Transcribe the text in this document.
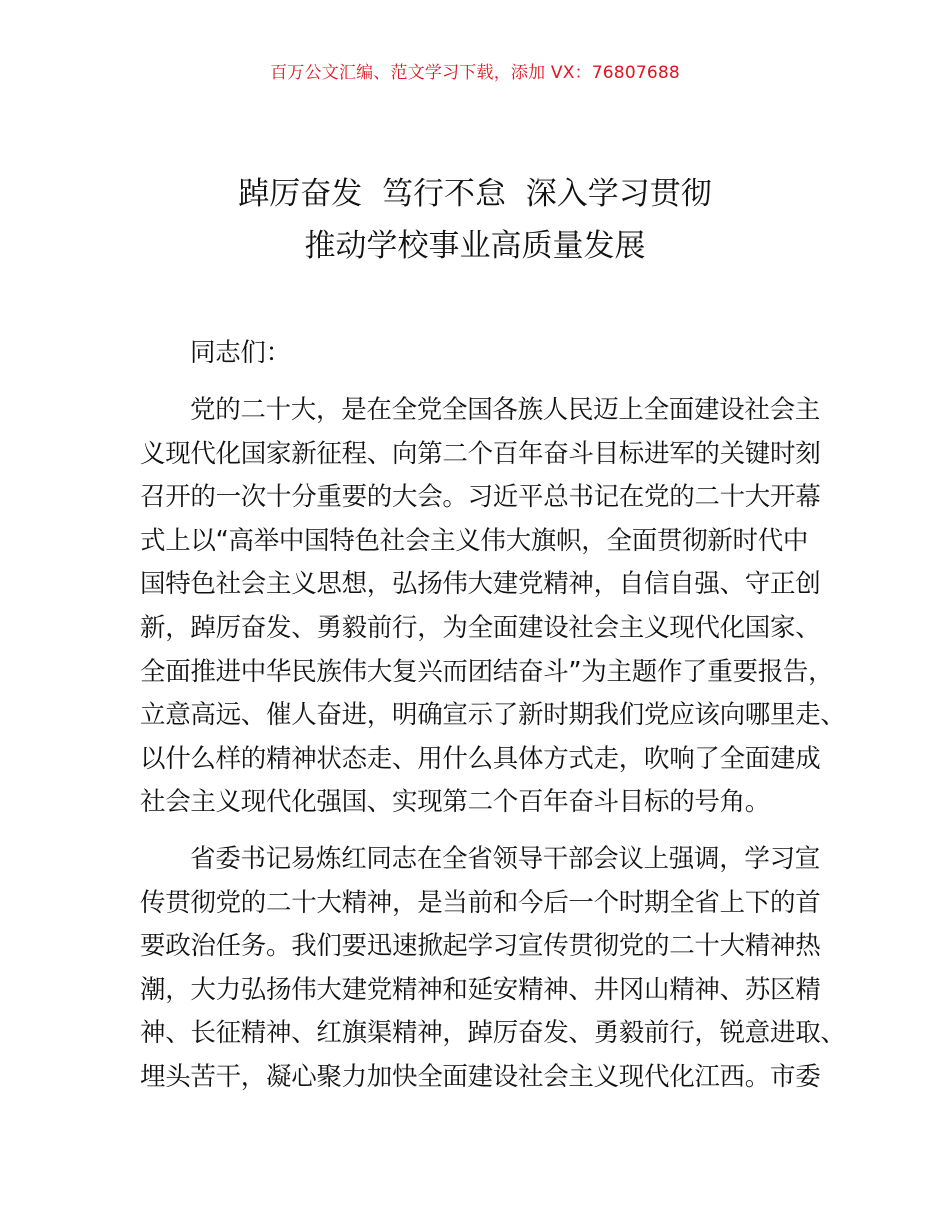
百万公文汇编、范文学习下载，添加 VX：76807688
踔厉奋发  笃行不怠  深入学习贯彻
推动学校事业高质量发展
同志们：
党的二十大，是在全党全国各族人民迈上全面建设社会主
义现代化国家新征程、向第二个百年奋斗目标进军的关键时刻
召开的一次十分重要的大会。习近平总书记在党的二十大开幕
式上以“高举中国特色社会主义伟大旗帜，全面贯彻新时代中
国特色社会主义思想，弘扬伟大建党精神，自信自强、守正创
新，踔厉奋发、勇毅前行，为全面建设社会主义现代化国家、
全面推进中华民族伟大复兴而团结奋斗”为主题作了重要报告，
立意高远、催人奋进，明确宣示了新时期我们党应该向哪里走、
以什么样的精神状态走、用什么具体方式走，吹响了全面建成
社会主义现代化强国、实现第二个百年奋斗目标的号角。
省委书记易炼红同志在全省领导干部会议上强调，学习宣
传贯彻党的二十大精神，是当前和今后一个时期全省上下的首
要政治任务。我们要迅速掀起学习宣传贯彻党的二十大精神热
潮，大力弘扬伟大建党精神和延安精神、井冈山精神、苏区精
神、长征精神、红旗渠精神，踔厉奋发、勇毅前行，锐意进取、
埋头苦干，凝心聚力加快全面建设社会主义现代化江西。市委
